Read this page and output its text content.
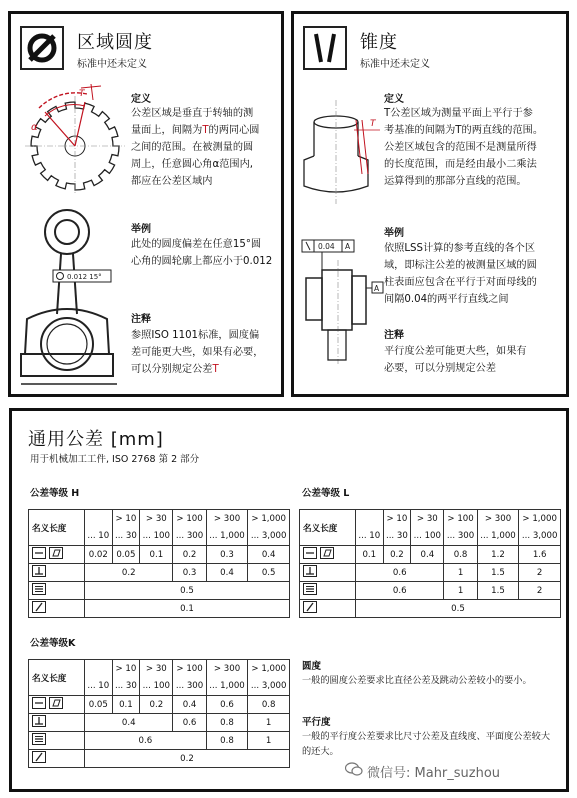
区域圆度
标准中还未定义
T
α
定义
公差区域是垂直于转轴的测
量面上，间隔为T的两同心圆
之间的范围。在被测量的圆
周上，任意圆心角α范围内,
都应在公差区域内
0.012 15°
举例
此处的圆度偏差在任意15°圆
心角的圆轮廓上都应小于0.012
注释
参照ISO 1101标准，圆度偏
差可能更大些，如果有必要，
可以分别规定公差T
锥度
标准中还未定义
T
定义
T公差区域为测量平面上平行于参
考基准的间隔为T的两直线的范围。
公差区域包含的范围不是测量所得
的长度范围，而是经由最小二乘法
运算得到的那部分直线的范围。
0.04 A
A
举例
依照LSS计算的参考直线的各个区
域，即标注公差的被测量区域的圆
柱表面应包含在平行于对面母线的
间隔0.04的两平行直线之间
注释
平行度公差可能更大些，如果有
必要，可以分别规定公差
通用公差 [mm]
用于机械加工工件, ISO 2768 第 2 部分
公差等级 H	公差等级 L
公差等级K
名义长度		> 10	> 30	> 100	> 300	> 1,000
	... 10	... 30	... 100	... 300	... 1,000	... 3,000
	0.02	0.05	0.1	0.2	0.3	0.4
	0.2			0.3	0.4	0.5
	0.5					
	0.1					
名义长度		> 10	> 30	> 100	> 300	> 1,000
	... 10	... 30	... 100	... 300	... 1,000	... 3,000
	0.1	0.2	0.4	0.8	1.2	1.6
	0.6			1	1.5	2
	0.6			1	1.5	2
	0.5					
名义长度		> 10	> 30	> 100	> 300	> 1,000
	... 10	... 30	... 100	... 300	... 1,000	... 3,000
	0.05	0.1	0.2	0.4	0.6	0.8
	0.4			0.6	0.8	1
	0.6				0.8	1
	0.2					
圆度
一般的圆度公差要求比直径公差及跳动公差较小的要小。
平行度
一般的平行度公差要求比尺寸公差及直线度、平面度公差较大的还大。
微信号: Mahr_suzhou
